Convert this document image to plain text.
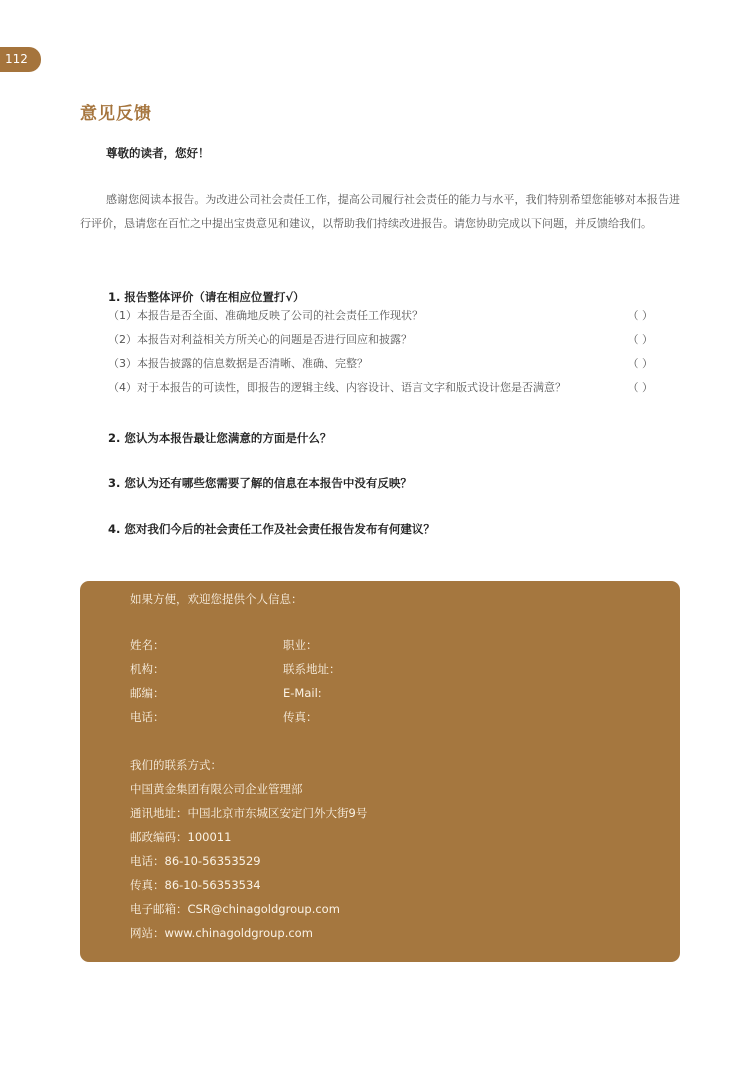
112
意见反馈
尊敬的读者，您好！
感谢您阅读本报告。为改进公司社会责任工作，提高公司履行社会责任的能力与水平，我们特别希望您能够对本报告进行评价，恳请您在百忙之中提出宝贵意见和建议，以帮助我们持续改进报告。请您协助完成以下问题，并反馈给我们。
1. 报告整体评价（请在相应位置打√）
（1）本报告是否全面、准确地反映了公司的社会责任工作现状？	（ ）
（2）本报告对利益相关方所关心的问题是否进行回应和披露？	（ ）
（3）本报告披露的信息数据是否清晰、准确、完整？	（ ）
（4）对于本报告的可读性，即报告的逻辑主线、内容设计、语言文字和版式设计您是否满意？	（ ）
2. 您认为本报告最让您满意的方面是什么？
3. 您认为还有哪些您需要了解的信息在本报告中没有反映？
4. 您对我们今后的社会责任工作及社会责任报告发布有何建议？
如果方便，欢迎您提供个人信息：
姓名：	职业：
机构：	联系地址：
邮编：	E-Mail:
电话：	传真：
我们的联系方式：
中国黄金集团有限公司企业管理部
通讯地址：中国北京市东城区安定门外大街9号
邮政编码：100011
电话：86-10-56353529
传真：86-10-56353534
电子邮箱：CSR@chinagoldgroup.com
网站：www.chinagoldgroup.com
